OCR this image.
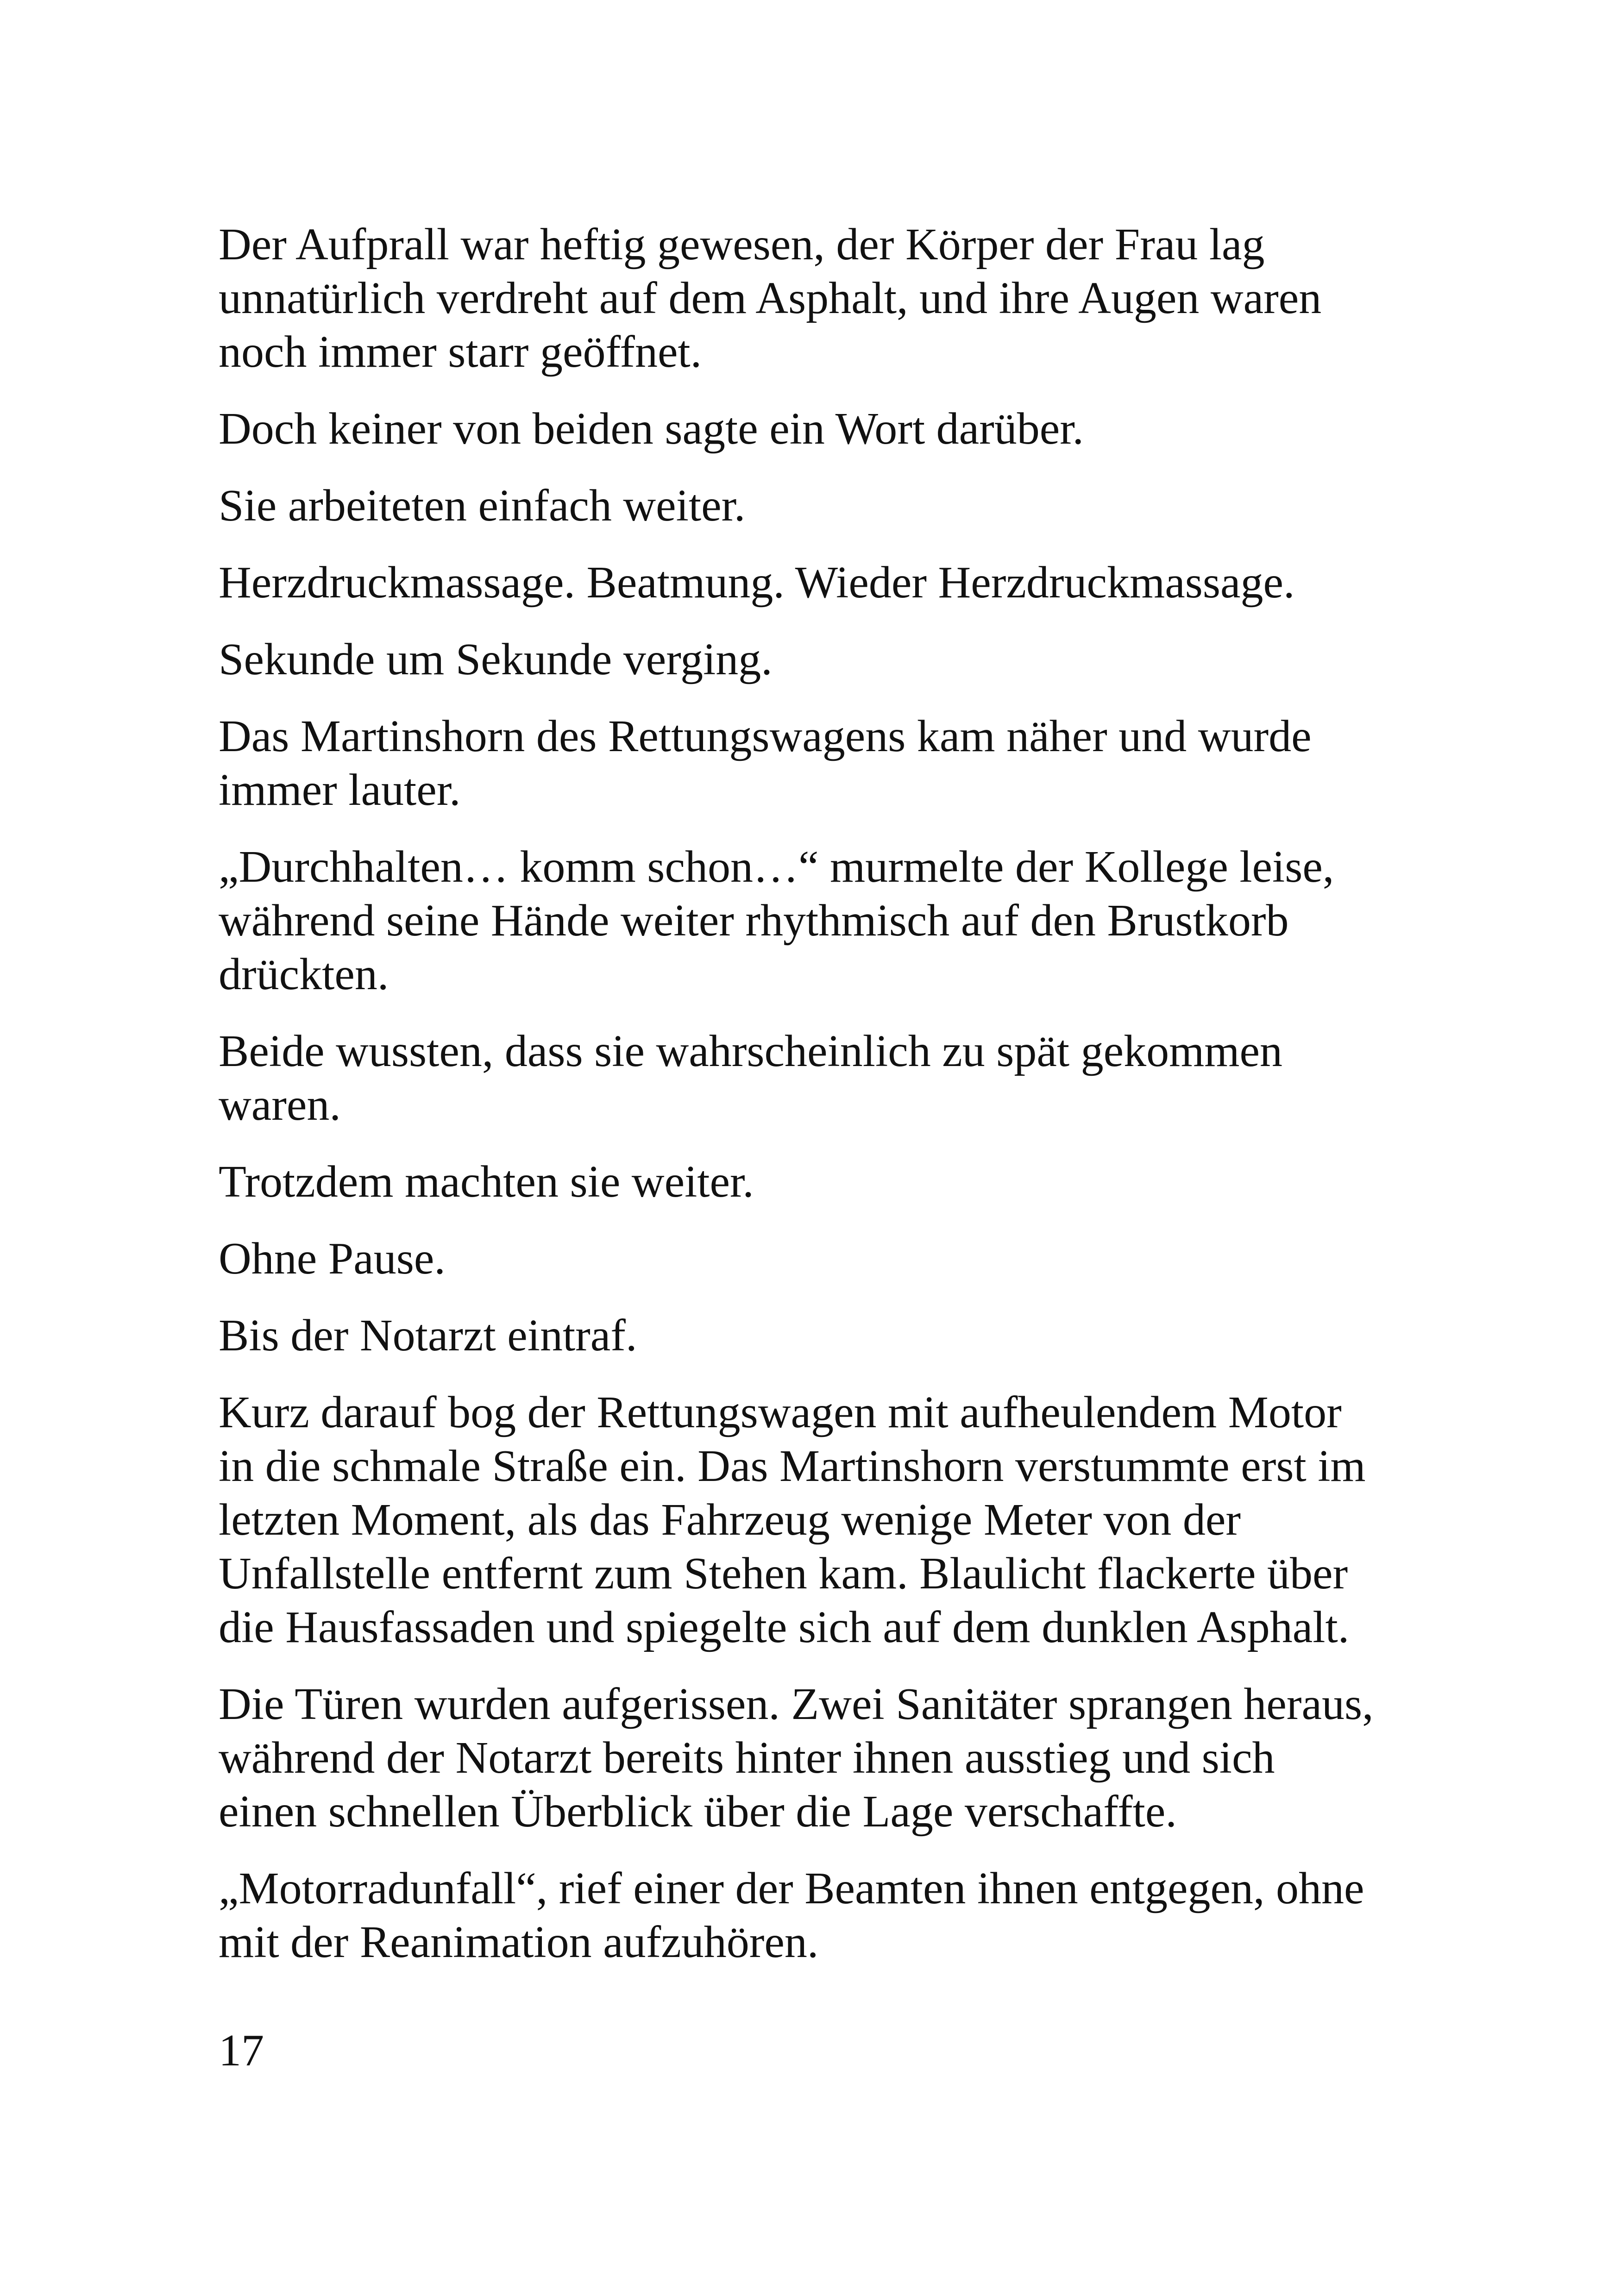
Der Aufprall war heftig gewesen, der Körper der Frau lag
unnatürlich verdreht auf dem Asphalt, und ihre Augen waren
noch immer starr geöffnet.

Doch keiner von beiden sagte ein Wort darüber.

Sie arbeiteten einfach weiter.

Herzdruckmassage. Beatmung. Wieder Herzdruckmassage.

Sekunde um Sekunde verging.

Das Martinshorn des Rettungswagens kam näher und wurde
immer lauter.

„Durchhalten… komm schon…“ murmelte der Kollege leise,
während seine Hände weiter rhythmisch auf den Brustkorb
drückten.

Beide wussten, dass sie wahrscheinlich zu spät gekommen
waren.

Trotzdem machten sie weiter.

Ohne Pause.

Bis der Notarzt eintraf.

Kurz darauf bog der Rettungswagen mit aufheulendem Motor
in die schmale Straße ein. Das Martinshorn verstummte erst im
letzten Moment, als das Fahrzeug wenige Meter von der
Unfallstelle entfernt zum Stehen kam. Blaulicht flackerte über
die Hausfassaden und spiegelte sich auf dem dunklen Asphalt.

Die Türen wurden aufgerissen. Zwei Sanitäter sprangen heraus,
während der Notarzt bereits hinter ihnen ausstieg und sich
einen schnellen Überblick über die Lage verschaffte.

„Motorradunfall“, rief einer der Beamten ihnen entgegen, ohne
mit der Reanimation aufzuhören.

17
